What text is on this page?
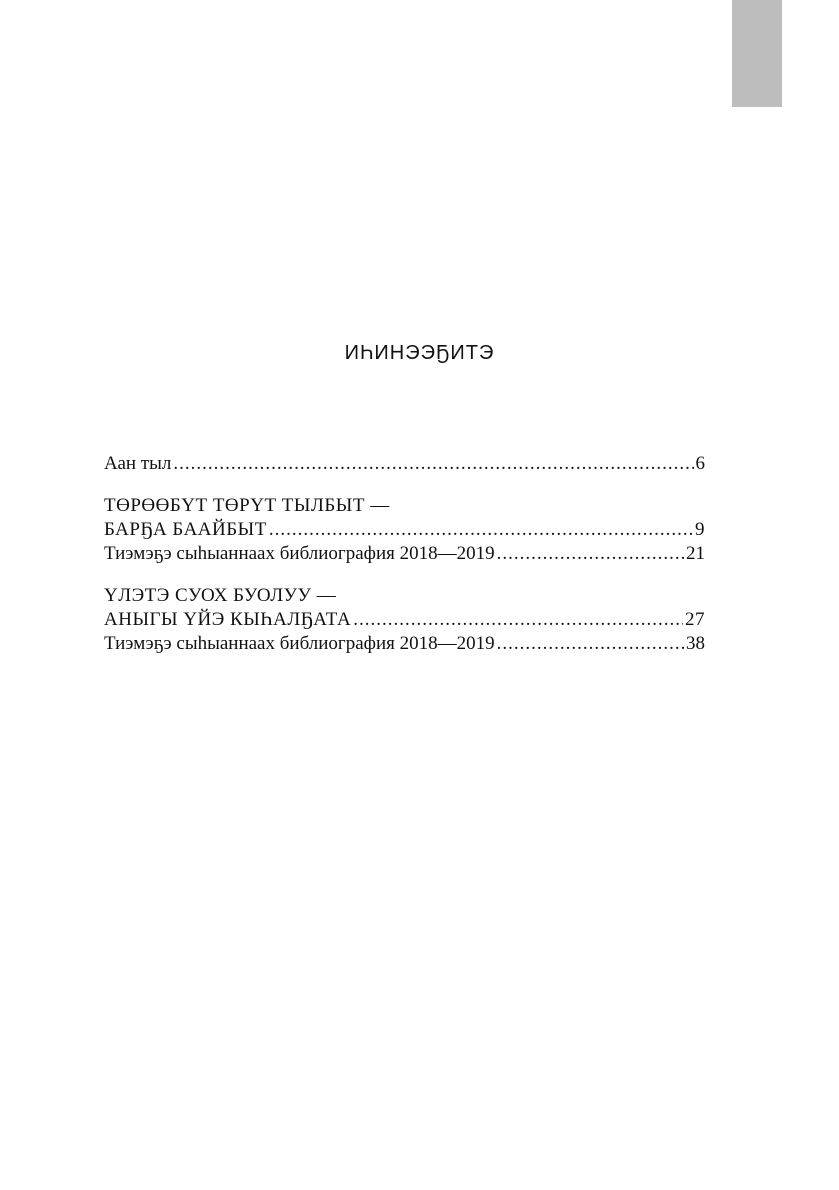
ИҺИНЭЭҔИТЭ
Аан тыл .....	6
ТӨРӨӨБҮТ ТӨРҮТ ТЫЛБЫТ —
БАРҔА БААЙБЫТ .....	9
Тиэмэҕэ сыһыаннаах библиография 2018—2019 .....	21
ҮЛЭТЭ СУОХ БУОЛУУ —
АНЫГЫ ҮЙЭ КЫҺАЛҔАТА .....	27
Тиэмэҕэ сыһыаннаах библиография 2018—2019 .....	38
